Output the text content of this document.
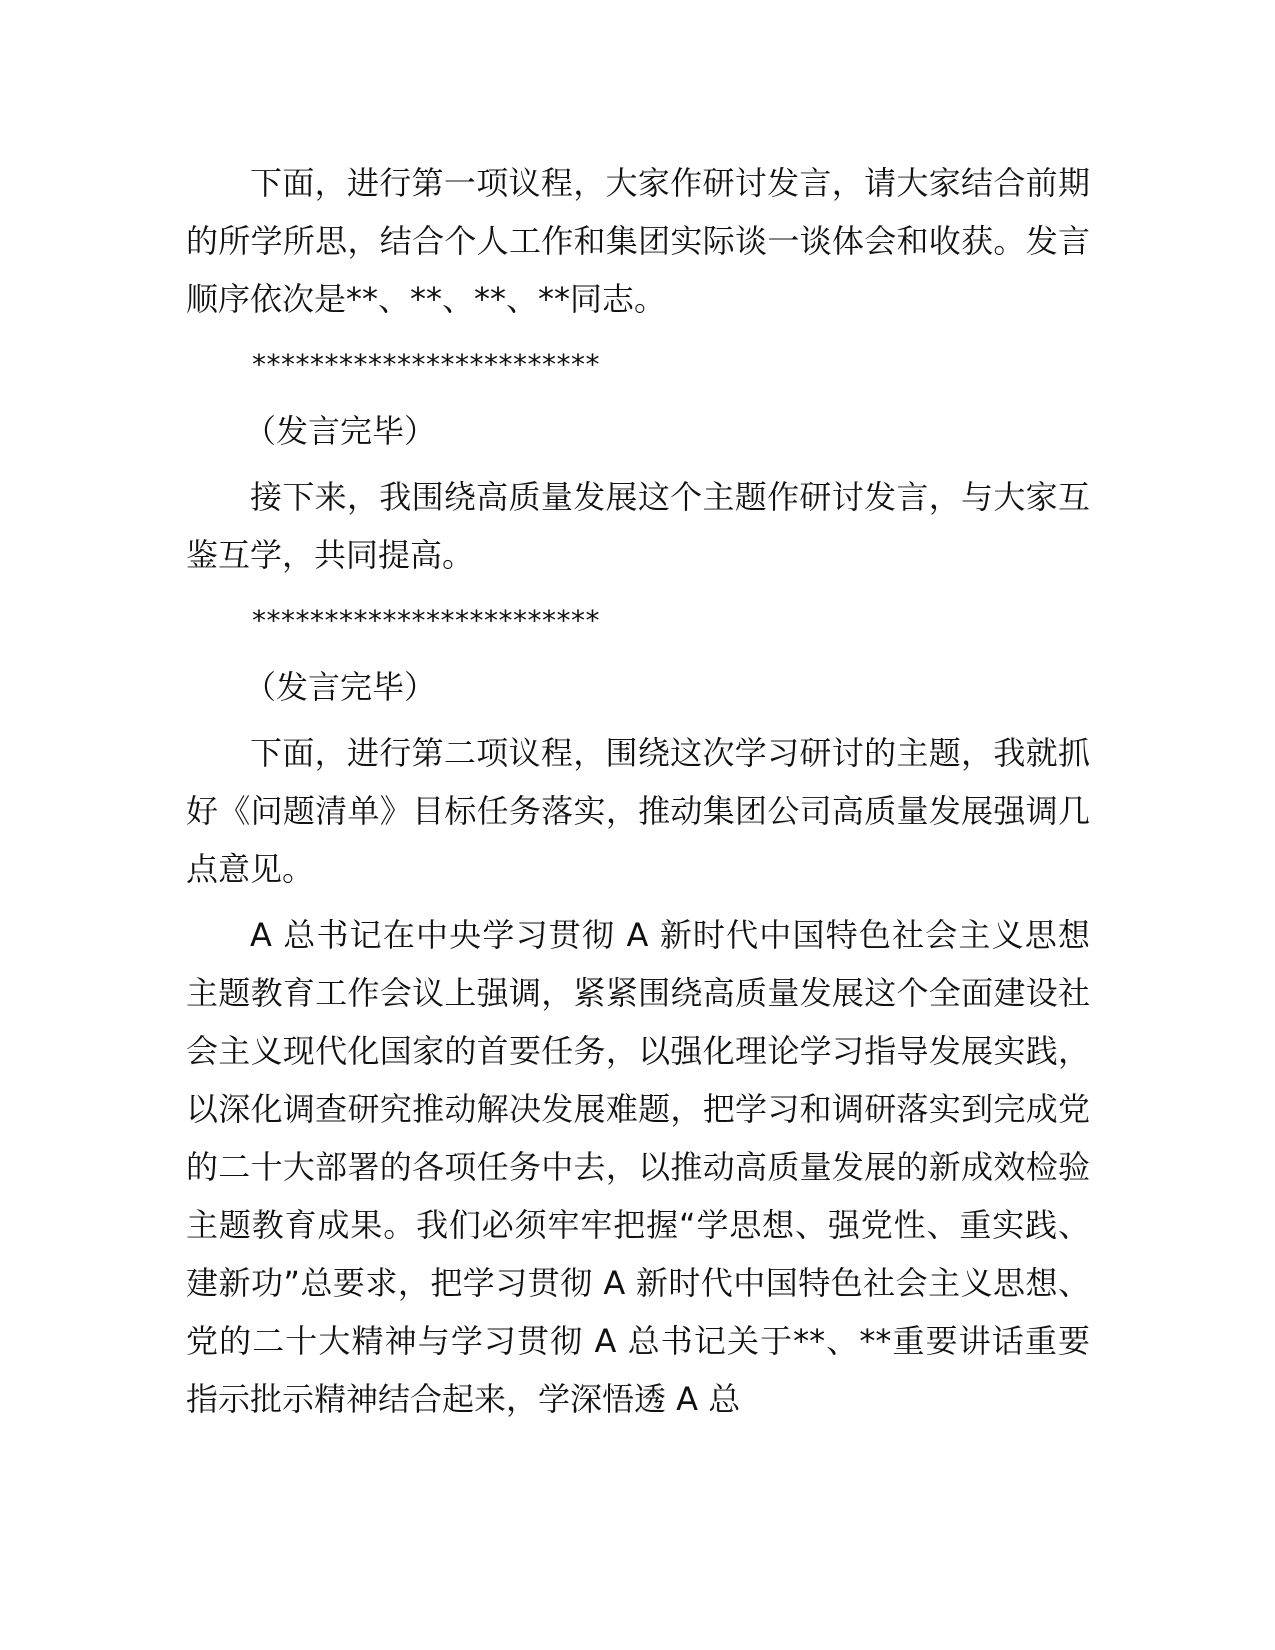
下面，进行第一项议程，大家作研讨发言，请大家结合前期的所学所思，结合个人工作和集团实际谈一谈体会和收获。发言顺序依次是**、**、**、**同志。

************************

（发言完毕）

接下来，我围绕高质量发展这个主题作研讨发言，与大家互鉴互学，共同提高。

************************

（发言完毕）

下面，进行第二项议程，围绕这次学习研讨的主题，我就抓好《问题清单》目标任务落实，推动集团公司高质量发展强调几点意见。

A 总书记在中央学习贯彻 A 新时代中国特色社会主义思想主题教育工作会议上强调，紧紧围绕高质量发展这个全面建设社会主义现代化国家的首要任务，以强化理论学习指导发展实践，以深化调查研究推动解决发展难题，把学习和调研落实到完成党的二十大部署的各项任务中去，以推动高质量发展的新成效检验主题教育成果。我们必须牢牢把握“学思想、强党性、重实践、建新功”总要求，把学习贯彻 A 新时代中国特色社会主义思想、党的二十大精神与学习贯彻 A 总书记关于**、**重要讲话重要指示批示精神结合起来，学深悟透 A 总
